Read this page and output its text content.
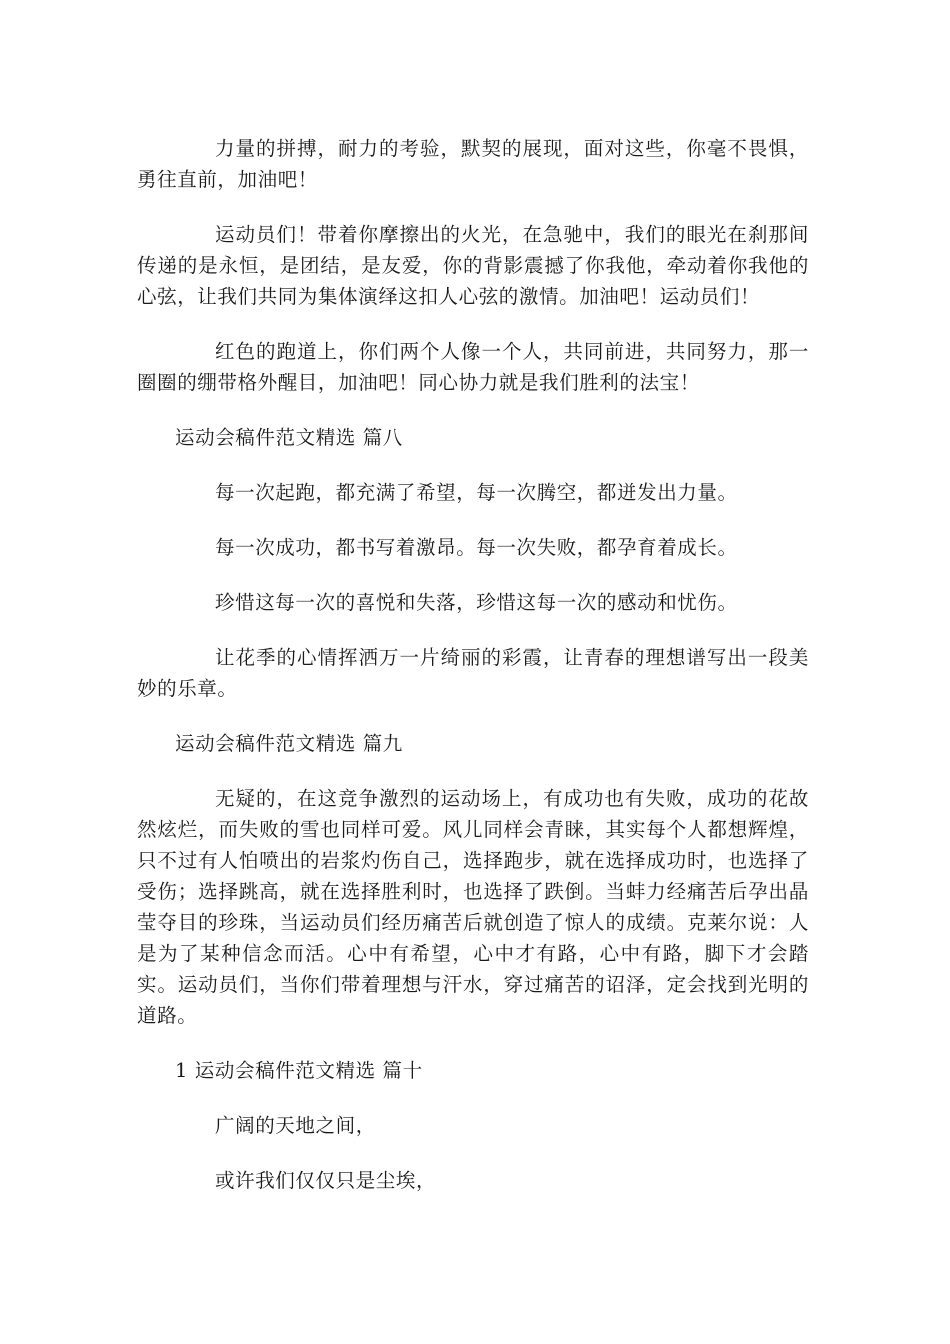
力量的拼搏，耐力的考验，默契的展现，面对这些，你毫不畏惧，勇往直前，加油吧！

运动员们！带着你摩擦出的火光，在急驰中，我们的眼光在刹那间传递的是永恒，是团结，是友爱，你的背影震撼了你我他，牵动着你我他的心弦，让我们共同为集体演绎这扣人心弦的激情。加油吧！运动员们！

红色的跑道上，你们两个人像一个人，共同前进，共同努力，那一圈圈的绷带格外醒目，加油吧！同心协力就是我们胜利的法宝！

运动会稿件范文精选 篇八

每一次起跑，都充满了希望，每一次腾空，都迸发出力量。

每一次成功，都书写着激昂。每一次失败，都孕育着成长。

珍惜这每一次的喜悦和失落，珍惜这每一次的感动和忧伤。

让花季的心情挥洒万一片绮丽的彩霞，让青春的理想谱写出一段美妙的乐章。

运动会稿件范文精选 篇九

无疑的，在这竞争激烈的运动场上，有成功也有失败，成功的花故然炫烂，而失败的雪也同样可爱。风儿同样会青睐，其实每个人都想辉煌，只不过有人怕喷出的岩浆灼伤自己，选择跑步，就在选择成功时，也选择了受伤；选择跳高，就在选择胜利时，也选择了跌倒。当蚌力经痛苦后孕出晶莹夺目的珍珠，当运动员们经历痛苦后就创造了惊人的成绩。克莱尔说：人是为了某种信念而活。心中有希望，心中才有路，心中有路，脚下才会踏实。运动员们，当你们带着理想与汗水，穿过痛苦的诏泽，定会找到光明的道路。

1 运动会稿件范文精选 篇十

广阔的天地之间，

或许我们仅仅只是尘埃，
